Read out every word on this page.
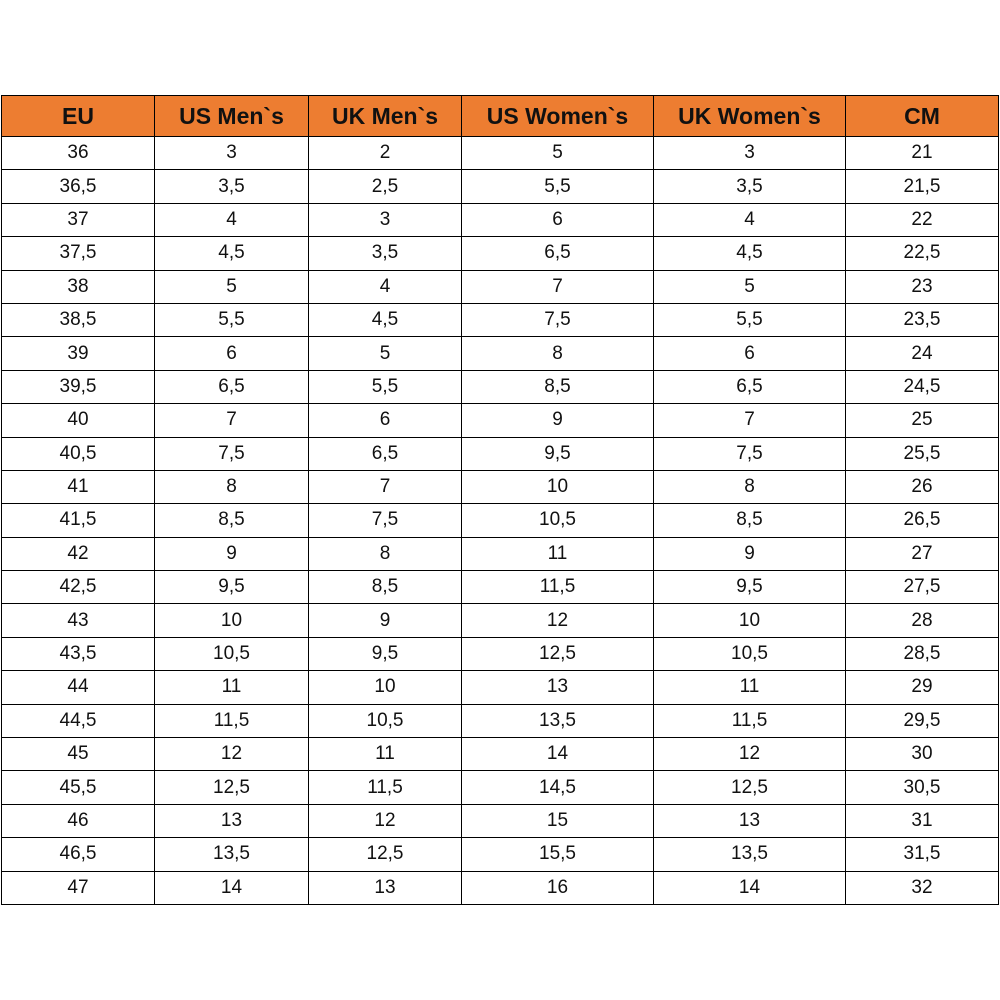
EU	US Men`s	UK Men`s	US Women`s	UK Women`s	CM
36	3	2	5	3	21
36,5	3,5	2,5	5,5	3,5	21,5
37	4	3	6	4	22
37,5	4,5	3,5	6,5	4,5	22,5
38	5	4	7	5	23
38,5	5,5	4,5	7,5	5,5	23,5
39	6	5	8	6	24
39,5	6,5	5,5	8,5	6,5	24,5
40	7	6	9	7	25
40,5	7,5	6,5	9,5	7,5	25,5
41	8	7	10	8	26
41,5	8,5	7,5	10,5	8,5	26,5
42	9	8	11	9	27
42,5	9,5	8,5	11,5	9,5	27,5
43	10	9	12	10	28
43,5	10,5	9,5	12,5	10,5	28,5
44	11	10	13	11	29
44,5	11,5	10,5	13,5	11,5	29,5
45	12	11	14	12	30
45,5	12,5	11,5	14,5	12,5	30,5
46	13	12	15	13	31
46,5	13,5	12,5	15,5	13,5	31,5
47	14	13	16	14	32
